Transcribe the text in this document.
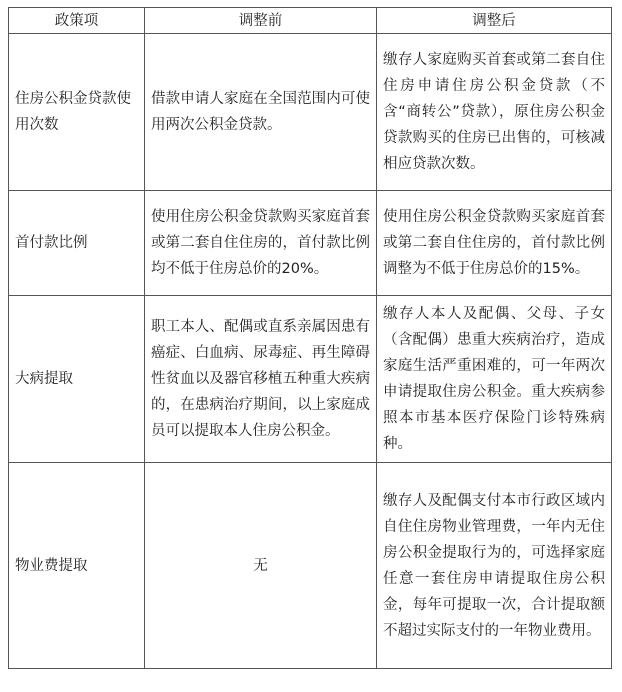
政策项	调整前	调整后
住房公积金贷款使用次数	借款申请人家庭在全国范围内可使用两次公积金贷款。	缴存人家庭购买首套或第二套自住住房申请住房公积金贷款（不含“商转公”贷款），原住房公积金贷款购买的住房已出售的，可核减相应贷款次数。
首付款比例	使用住房公积金贷款购买家庭首套或第二套自住住房的，首付款比例均不低于住房总价的20%。	使用住房公积金贷款购买家庭首套或第二套自住住房的，首付款比例调整为不低于住房总价的15%。
大病提取	职工本人、配偶或直系亲属因患有癌症、白血病、尿毒症、再生障碍性贫血以及器官移植五种重大疾病的，在患病治疗期间，以上家庭成员可以提取本人住房公积金。	缴存人本人及配偶、父母、子女（含配偶）患重大疾病治疗，造成家庭生活严重困难的，可一年两次申请提取住房公积金。重大疾病参照本市基本医疗保险门诊特殊病种。
物业费提取	无	缴存人及配偶支付本市行政区域内自住住房物业管理费，一年内无住房公积金提取行为的，可选择家庭任意一套住房申请提取住房公积金，每年可提取一次，合计提取额不超过实际支付的一年物业费用。
